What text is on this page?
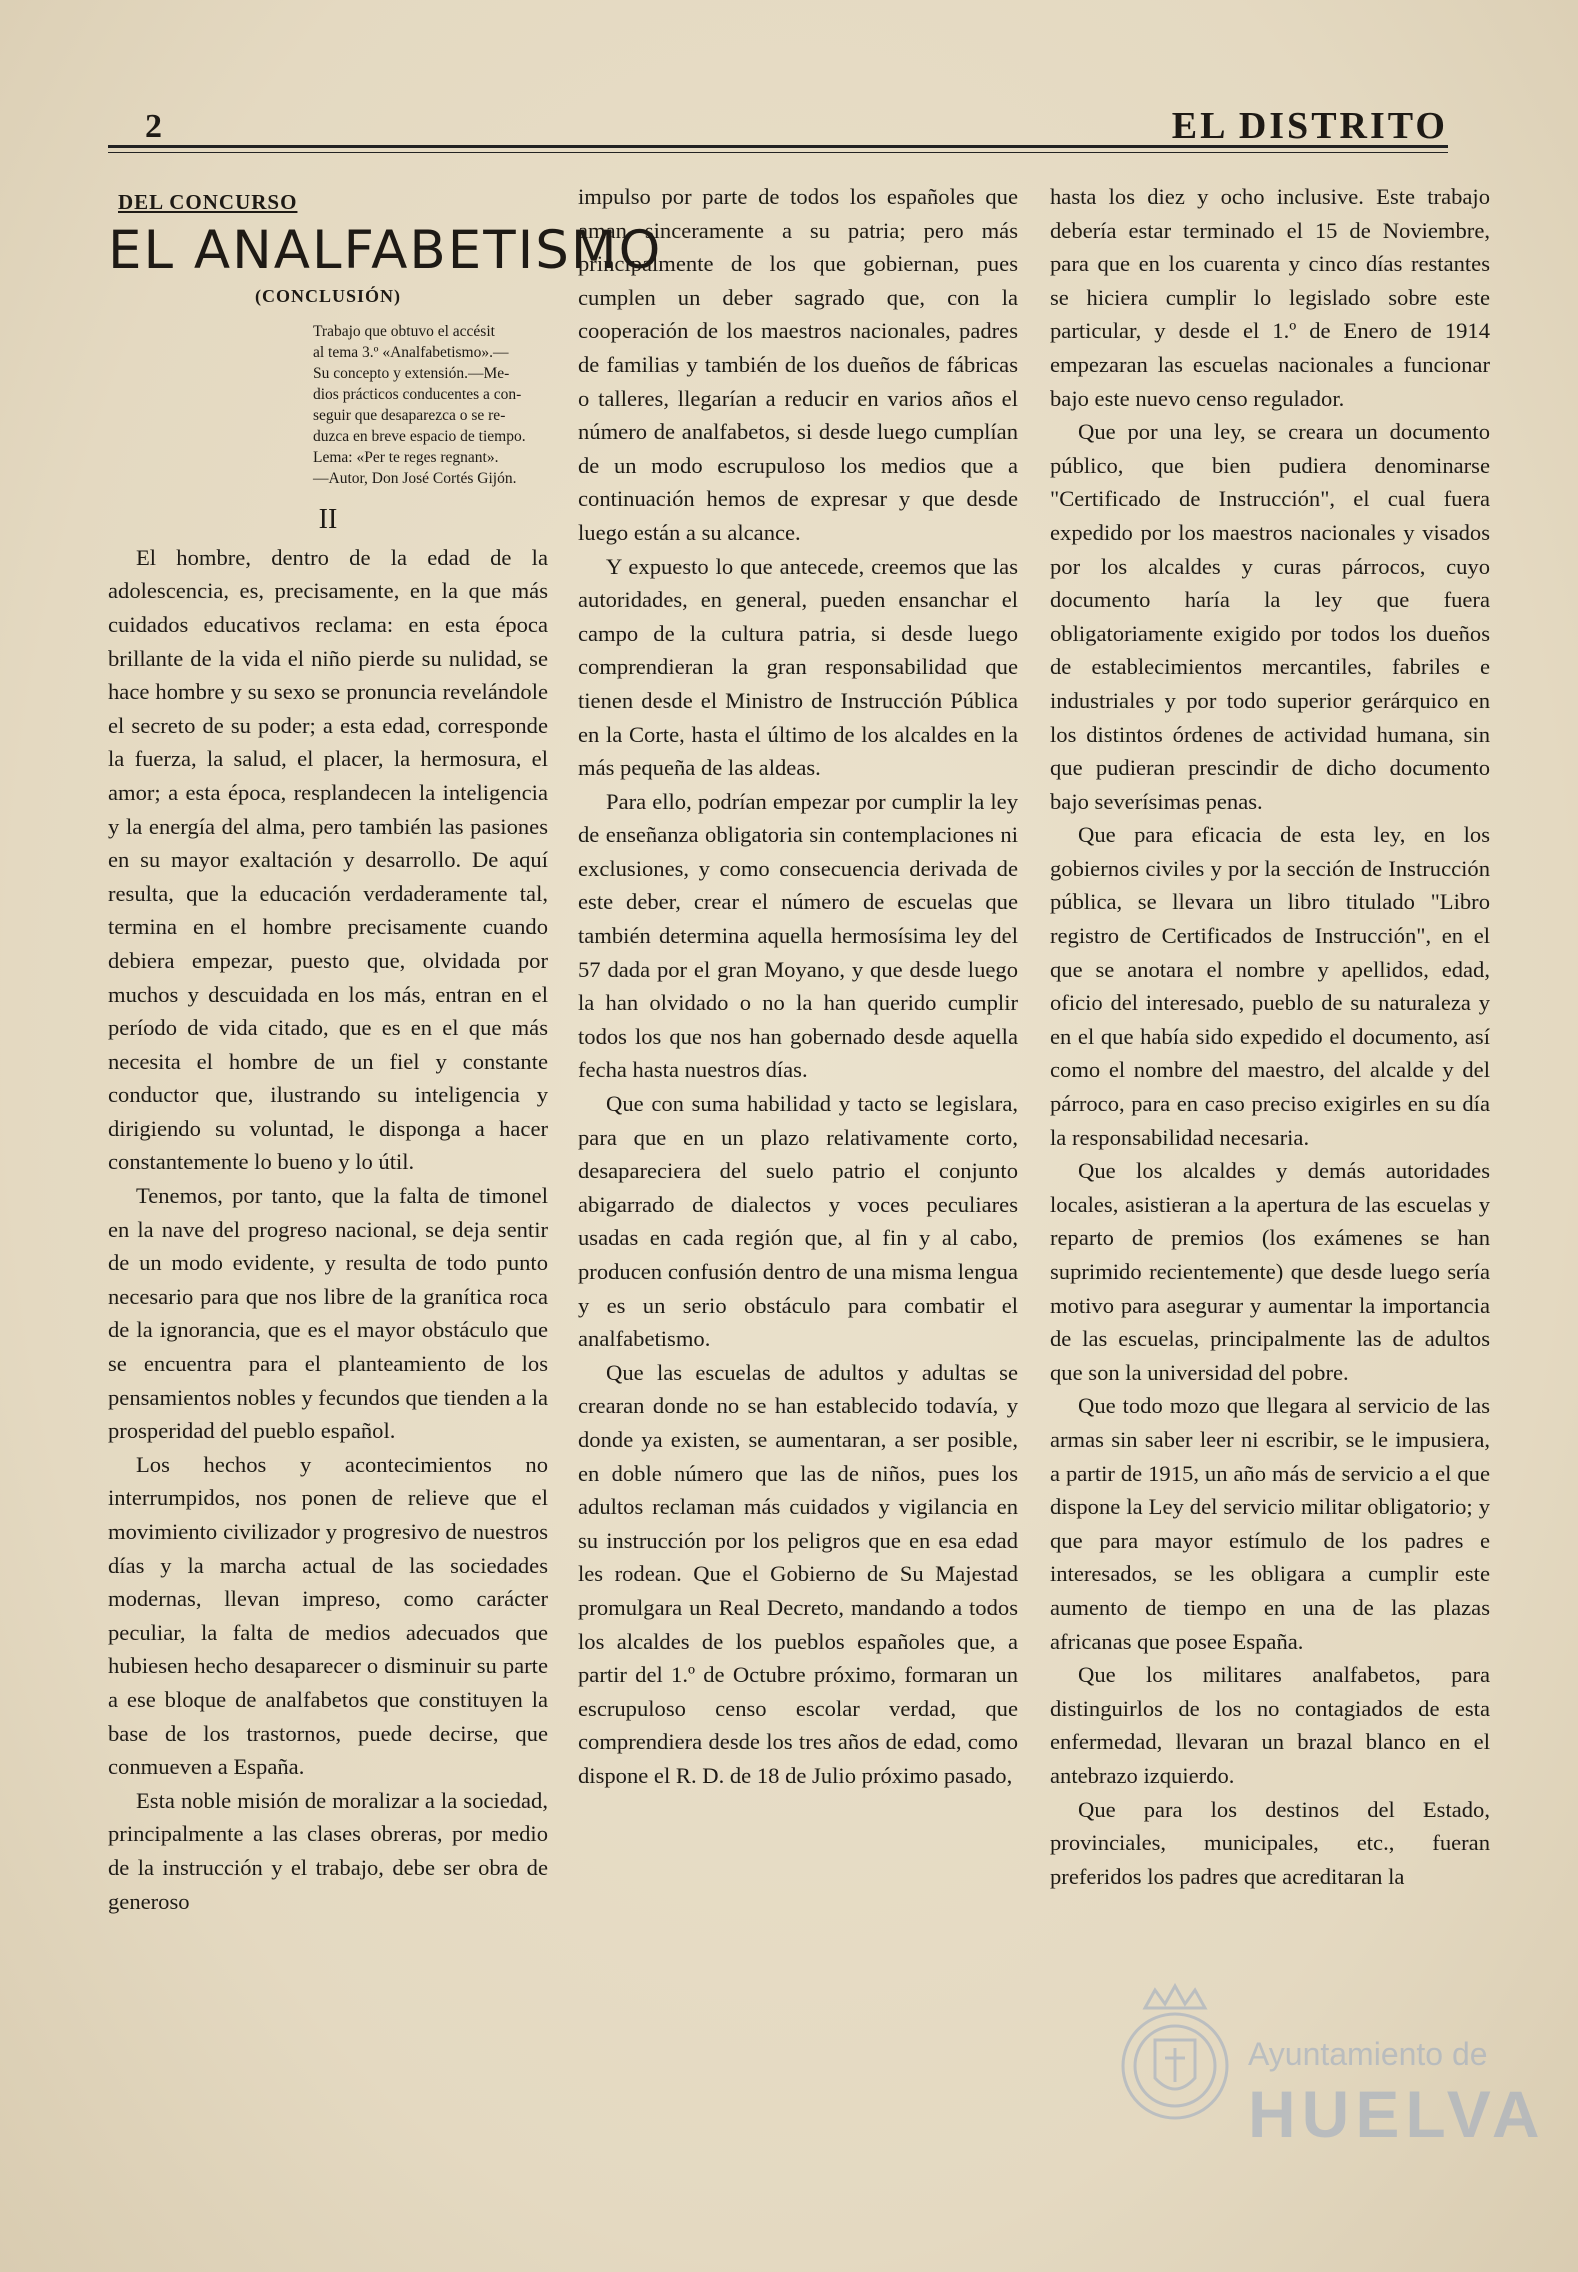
2	EL DISTRITO
DEL CONCURSO
EL ANALFABETISMO
(CONCLUSIÓN)
Trabajo que obtuvo el accésit
al tema 3.º «Analfabetismo».—
Su concepto y extensión.—Me-
dios prácticos conducentes a con-
seguir que desaparezca o se re-
duzca en breve espacio de tiempo.
Lema: «Per te reges regnant».
—Autor, Don José Cortés Gijón.
II

El hombre, dentro de la edad de la adolescencia, es, precisamente, en la que más cuidados educativos reclama: en esta época brillante de la vida el niño pierde su nulidad, se hace hombre y su sexo se pronuncia revelándole el secreto de su poder; a esta edad, corresponde la fuerza, la salud, el placer, la hermosura, el amor; a esta época, resplandecen la inteligencia y la energía del alma, pero también las pasiones en su mayor exaltación y desarrollo. De aquí resulta, que la educación verdaderamente tal, termina en el hombre precisamente cuando debiera empezar, puesto que, olvidada por muchos y descuidada en los más, entran en el período de vida citado, que es en el que más necesita el hombre de un fiel y constante conductor que, ilustrando su inteligencia y dirigiendo su voluntad, le disponga a hacer constantemente lo bueno y lo útil.

Tenemos, por tanto, que la falta de timonel en la nave del progreso nacional, se deja sentir de un modo evidente, y resulta de todo punto necesario para que nos libre de la granítica roca de la ignorancia, que es el mayor obstáculo que se encuentra para el planteamiento de los pensamientos nobles y fecundos que tienden a la prosperidad del pueblo español.

Los hechos y acontecimientos no interrumpidos, nos ponen de relieve que el movimiento civilizador y progresivo de nuestros días y la marcha actual de las sociedades modernas, llevan impreso, como carácter peculiar, la falta de medios adecuados que hubiesen hecho desaparecer o disminuir su parte a ese bloque de analfabetos que constituyen la base de los trastornos, puede decirse, que conmueven a España.

Esta noble misión de moralizar a la sociedad, principalmente a las clases obreras, por medio de la instrucción y el trabajo, debe ser obra de generoso

impulso por parte de todos los españoles que aman sinceramente a su patria; pero más principalmente de los que gobiernan, pues cumplen un deber sagrado que, con la cooperación de los maestros nacionales, padres de familias y también de los dueños de fábricas o talleres, llegarían a reducir en varios años el número de analfabetos, si desde luego cumplían de un modo escrupuloso los medios que a continuación hemos de expresar y que desde luego están a su alcance.

Y expuesto lo que antecede, creemos que las autoridades, en general, pueden ensanchar el campo de la cultura patria, si desde luego comprendieran la gran responsabilidad que tienen desde el Ministro de Instrucción Pública en la Corte, hasta el último de los alcaldes en la más pequeña de las aldeas.

Para ello, podrían empezar por cumplir la ley de enseñanza obligatoria sin contemplaciones ni exclusiones, y como consecuencia derivada de este deber, crear el número de escuelas que también determina aquella hermosísima ley del 57 dada por el gran Moyano, y que desde luego la han olvidado o no la han querido cumplir todos los que nos han gobernado desde aquella fecha hasta nuestros días.

Que con suma habilidad y tacto se legislara, para que en un plazo relativamente corto, desapareciera del suelo patrio el conjunto abigarrado de dialectos y voces peculiares usadas en cada región que, al fin y al cabo, producen confusión dentro de una misma lengua y es un serio obstáculo para combatir el analfabetismo.

Que las escuelas de adultos y adultas se crearan donde no se han establecido todavía, y donde ya existen, se aumentaran, a ser posible, en doble número que las de niños, pues los adultos reclaman más cuidados y vigilancia en su instrucción por los peligros que en esa edad les rodean. Que el Gobierno de Su Majestad promulgara un Real Decreto, mandando a todos los alcaldes de los pueblos españoles que, a partir del 1.º de Octubre próximo, formaran un escrupuloso censo escolar verdad, que comprendiera desde los tres años de edad, como dispone el R. D. de 18 de Julio próximo pasado,

hasta los diez y ocho inclusive. Este trabajo debería estar terminado el 15 de Noviembre, para que en los cuarenta y cinco días restantes se hiciera cumplir lo legislado sobre este particular, y desde el 1.º de Enero de 1914 empezaran las escuelas nacionales a funcionar bajo este nuevo censo regulador.

Que por una ley, se creara un documento público, que bien pudiera denominarse "Certificado de Instrucción", el cual fuera expedido por los maestros nacionales y visados por los alcaldes y curas párrocos, cuyo documento haría la ley que fuera obligatoriamente exigido por todos los dueños de establecimientos mercantiles, fabriles e industriales y por todo superior gerárquico en los distintos órdenes de actividad humana, sin que pudieran prescindir de dicho documento bajo severísimas penas.

Que para eficacia de esta ley, en los gobiernos civiles y por la sección de Instrucción pública, se llevara un libro titulado "Libro registro de Certificados de Instrucción", en el que se anotara el nombre y apellidos, edad, oficio del interesado, pueblo de su naturaleza y en el que había sido expedido el documento, así como el nombre del maestro, del alcalde y del párroco, para en caso preciso exigirles en su día la responsabilidad necesaria.

Que los alcaldes y demás autoridades locales, asistieran a la apertura de las escuelas y reparto de premios (los exámenes se han suprimido recientemente) que desde luego sería motivo para asegurar y aumentar la importancia de las escuelas, principalmente las de adultos que son la universidad del pobre.

Que todo mozo que llegara al servicio de las armas sin saber leer ni escribir, se le impusiera, a partir de 1915, un año más de servicio a el que dispone la Ley del servicio militar obligatorio; y que para mayor estímulo de los padres e interesados, se les obligara a cumplir este aumento de tiempo en una de las plazas africanas que posee España.

Que los militares analfabetos, para distinguirlos de los no contagiados de esta enfermedad, llevaran un brazal blanco en el antebrazo izquierdo.

Que para los destinos del Estado, provinciales, municipales, etc., fueran preferidos los padres que acreditaran la

Ayuntamiento de
HUELVA
